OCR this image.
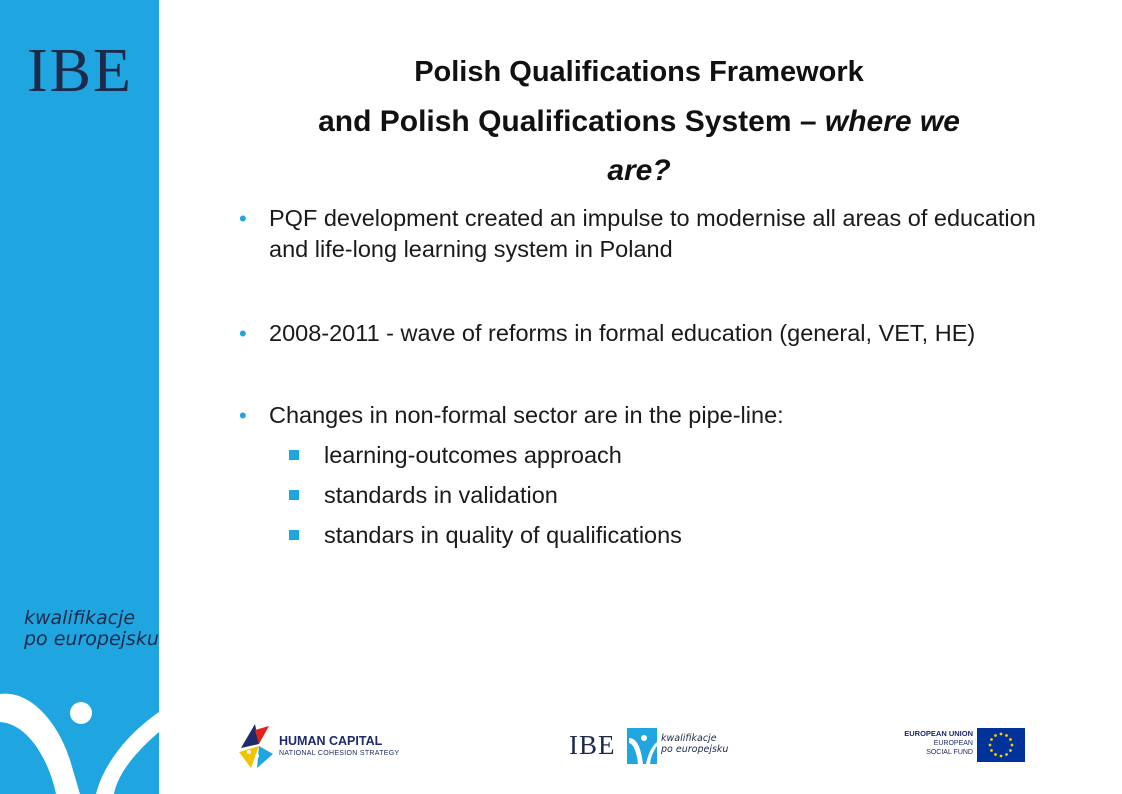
IBE
kwalifikacje
po europejsku
Polish Qualifications Framework
and Polish Qualifications System – where we
are?
• PQF development created an impulse to modernise all areas of education and life-long learning system in Poland
• 2008-2011 - wave of reforms in formal education (general, VET, HE)
• Changes in non-formal sector are in the pipe-line:
learning-outcomes approach
standards in validation
standars in quality of qualifications
HUMAN CAPITAL
NATIONAL COHESION STRATEGY	IBE	kwalifikacje
po europejsku
EUROPEAN UNION
EUROPEAN
SOCIAL FUND
